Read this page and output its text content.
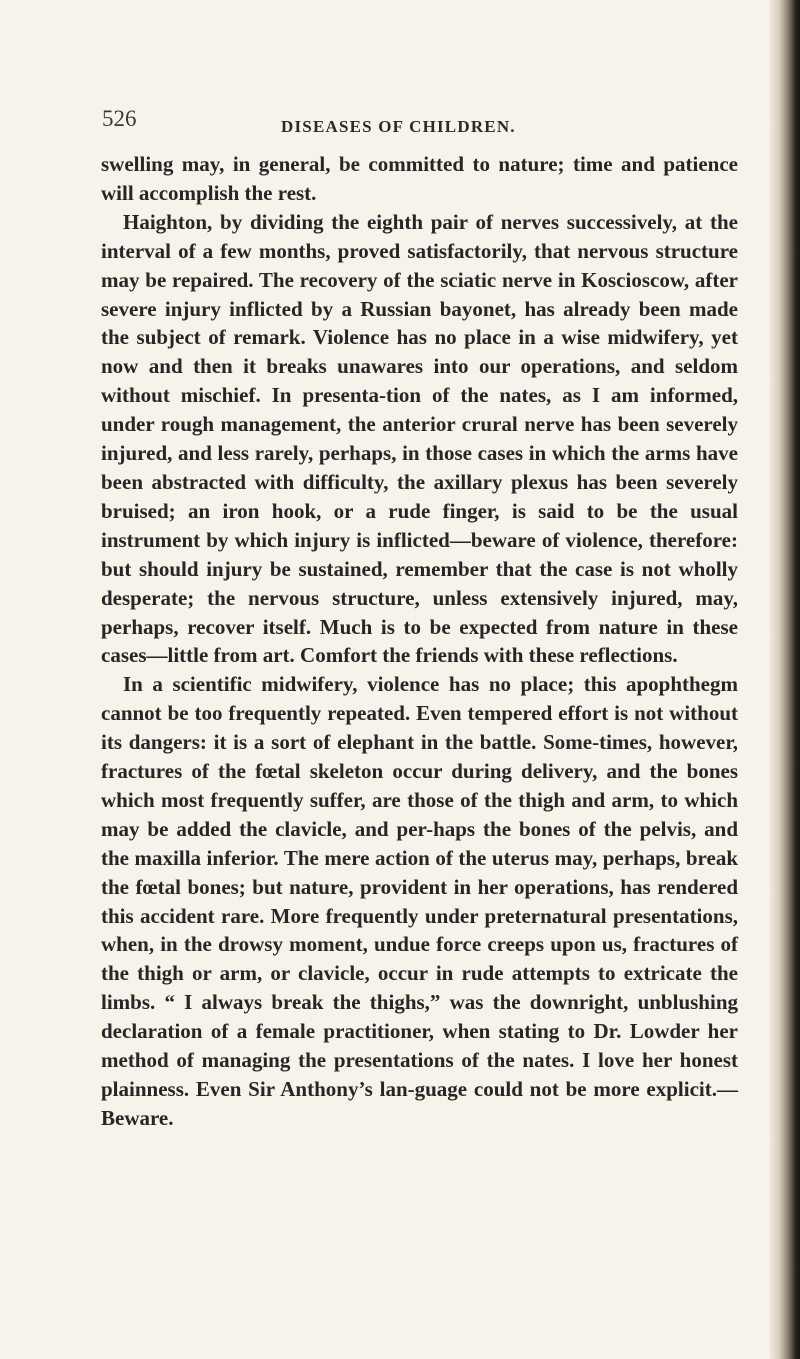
526	DISEASES OF CHILDREN.

swelling may, in general, be committed to nature; time and patience will accomplish the rest.

Haighton, by dividing the eighth pair of nerves successively, at the interval of a few months, proved satisfactorily, that nervous structure may be repaired. The recovery of the sciatic nerve in Koscioscow, after severe injury inflicted by a Russian bayonet, has already been made the subject of remark. Violence has no place in a wise midwifery, yet now and then it breaks unawares into our operations, and seldom without mischief. In presenta-tion of the nates, as I am informed, under rough management, the anterior crural nerve has been severely injured, and less rarely, perhaps, in those cases in which the arms have been abstracted with difficulty, the axillary plexus has been severely bruised; an iron hook, or a rude finger, is said to be the usual instrument by which injury is inflicted—beware of violence, therefore: but should injury be sustained, remember that the case is not wholly desperate; the nervous structure, unless extensively injured, may, perhaps, recover itself. Much is to be expected from nature in these cases—little from art. Comfort the friends with these reflections.

In a scientific midwifery, violence has no place; this apophthegm cannot be too frequently repeated. Even tempered effort is not without its dangers: it is a sort of elephant in the battle. Some-times, however, fractures of the fœtal skeleton occur during delivery, and the bones which most frequently suffer, are those of the thigh and arm, to which may be added the clavicle, and per-haps the bones of the pelvis, and the maxilla inferior. The mere action of the uterus may, perhaps, break the fœtal bones; but nature, provident in her operations, has rendered this accident rare. More frequently under preternatural presentations, when, in the drowsy moment, undue force creeps upon us, fractures of the thigh or arm, or clavicle, occur in rude attempts to extricate the limbs. “ I always break the thighs,” was the downright, unblushing declaration of a female practitioner, when stating to Dr. Lowder her method of managing the presentations of the nates. I love her honest plainness. Even Sir Anthony’s lan-guage could not be more explicit.—Beware.
